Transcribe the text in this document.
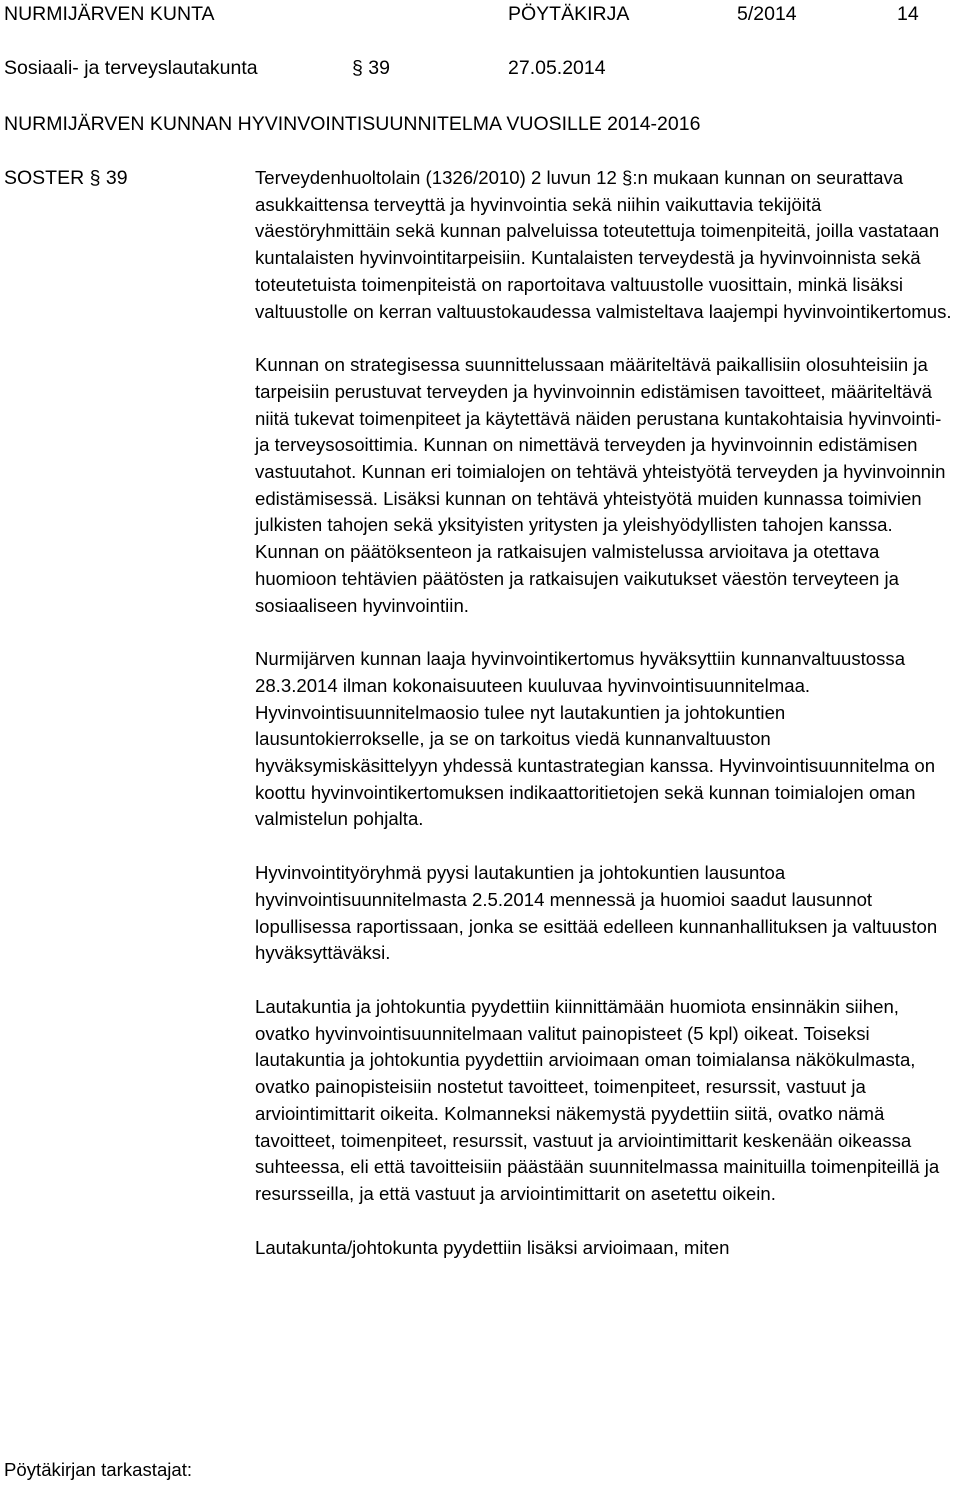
NURMIJÄRVEN KUNTA	PÖYTÄKIRJA	5/2014	14
Sosiaali- ja terveyslautakunta	§ 39	27.05.2014
NURMIJÄRVEN KUNNAN HYVINVOINTISUUNNITELMA VUOSILLE 2014-2016
SOSTER § 39	Terveydenhuoltolain (1326/2010) 2 luvun 12 §:n mukaan kunnan on seurattava asukkaittensa terveyttä ja hyvinvointia sekä niihin vaikuttavia tekijöitä väestöryhmittäin sekä kunnan palveluissa toteutettuja toimenpiteitä, joilla vastataan kuntalaisten hyvinvointitarpeisiin. Kuntalaisten terveydestä ja hyvinvoinnista sekä toteutetuista toimenpiteistä on raportoitava valtuustolle vuosittain, minkä lisäksi valtuustolle on kerran valtuustokaudessa valmisteltava laajempi hyvinvointikertomus.

Kunnan on strategisessa suunnittelussaan määriteltävä paikallisiin olosuhteisiin ja tarpeisiin perustuvat terveyden ja hyvinvoinnin edistämisen tavoitteet, määriteltävä niitä tukevat toimenpiteet ja käytettävä näiden perustana kuntakohtaisia hyvinvointi- ja terveysosoittimia. Kunnan on nimettävä terveyden ja hyvinvoinnin edistämisen vastuutahot. Kunnan eri toimialojen on tehtävä yhteistyötä terveyden ja hyvinvoinnin edistämisessä. Lisäksi kunnan on tehtävä yhteistyötä muiden kunnassa toimivien julkisten tahojen sekä yksityisten yritysten ja yleishyödyllisten tahojen kanssa. Kunnan on päätöksenteon ja ratkaisujen valmistelussa arvioitava ja otettava huomioon tehtävien päätösten ja ratkaisujen vaikutukset väestön terveyteen ja sosiaaliseen hyvinvointiin.

Nurmijärven kunnan laaja hyvinvointikertomus hyväksyttiin kunnanvaltuustossa 28.3.2014 ilman kokonaisuuteen kuuluvaa hyvinvointisuunnitelmaa. Hyvinvointisuunnitelmaosio tulee nyt lautakuntien ja johtokuntien lausuntokierrokselle, ja se on tarkoitus viedä kunnanvaltuuston hyväksymiskäsittelyyn yhdessä kuntastrategian kanssa. Hyvinvointisuunnitelma on koottu hyvinvointikertomuksen indikaattoritietojen sekä kunnan toimialojen oman valmistelun pohjalta.

Hyvinvointityöryhmä pyysi lautakuntien ja johtokuntien lausuntoa hyvinvointisuunnitelmasta 2.5.2014 mennessä ja huomioi saadut lausunnot lopullisessa raportissaan, jonka se esittää edelleen kunnanhallituksen ja valtuuston hyväksyttäväksi.

Lautakuntia ja johtokuntia pyydettiin kiinnittämään huomiota ensinnäkin siihen, ovatko hyvinvointisuunnitelmaan valitut painopisteet (5 kpl) oikeat. Toiseksi lautakuntia ja johtokuntia pyydettiin arvioimaan oman toimialansa näkökulmasta, ovatko painopisteisiin nostetut tavoitteet, toimenpiteet, resurssit, vastuut ja arviointimittarit oikeita. Kolmanneksi näkemystä pyydettiin siitä, ovatko nämä tavoitteet, toimenpiteet, resurssit, vastuut ja arviointimittarit keskenään oikeassa suhteessa, eli että tavoitteisiin päästään suunnitelmassa mainituilla toimenpiteillä ja resursseilla, ja että vastuut ja arviointimittarit on asetettu oikein.

Lautakunta/johtokunta pyydettiin lisäksi arvioimaan, miten

Pöytäkirjan tarkastajat:
